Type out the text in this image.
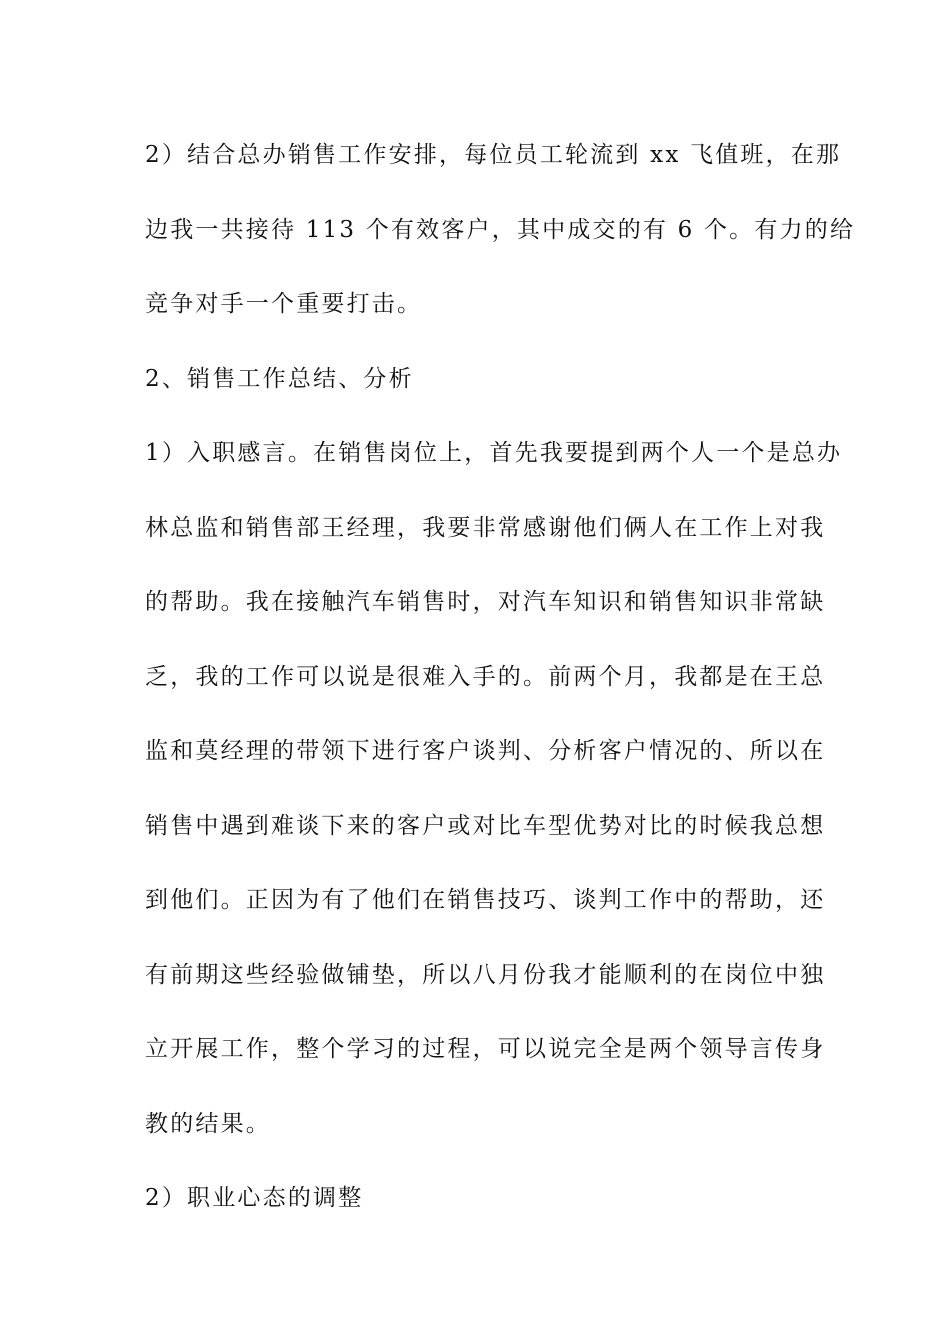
2）结合总办销售工作安排，每位员工轮流到 xx 飞值班，在那
边我一共接待 113 个有效客户，其中成交的有 6 个。有力的给
竞争对手一个重要打击。
2、销售工作总结、分析
1）入职感言。在销售岗位上，首先我要提到两个人一个是总办
林总监和销售部王经理，我要非常感谢他们俩人在工作上对我
的帮助。我在接触汽车销售时，对汽车知识和销售知识非常缺
乏，我的工作可以说是很难入手的。前两个月，我都是在王总
监和莫经理的带领下进行客户谈判、分析客户情况的、所以在
销售中遇到难谈下来的客户或对比车型优势对比的时候我总想
到他们。正因为有了他们在销售技巧、谈判工作中的帮助，还
有前期这些经验做铺垫，所以八月份我才能顺利的在岗位中独
立开展工作，整个学习的过程，可以说完全是两个领导言传身
教的结果。
2）职业心态的调整
